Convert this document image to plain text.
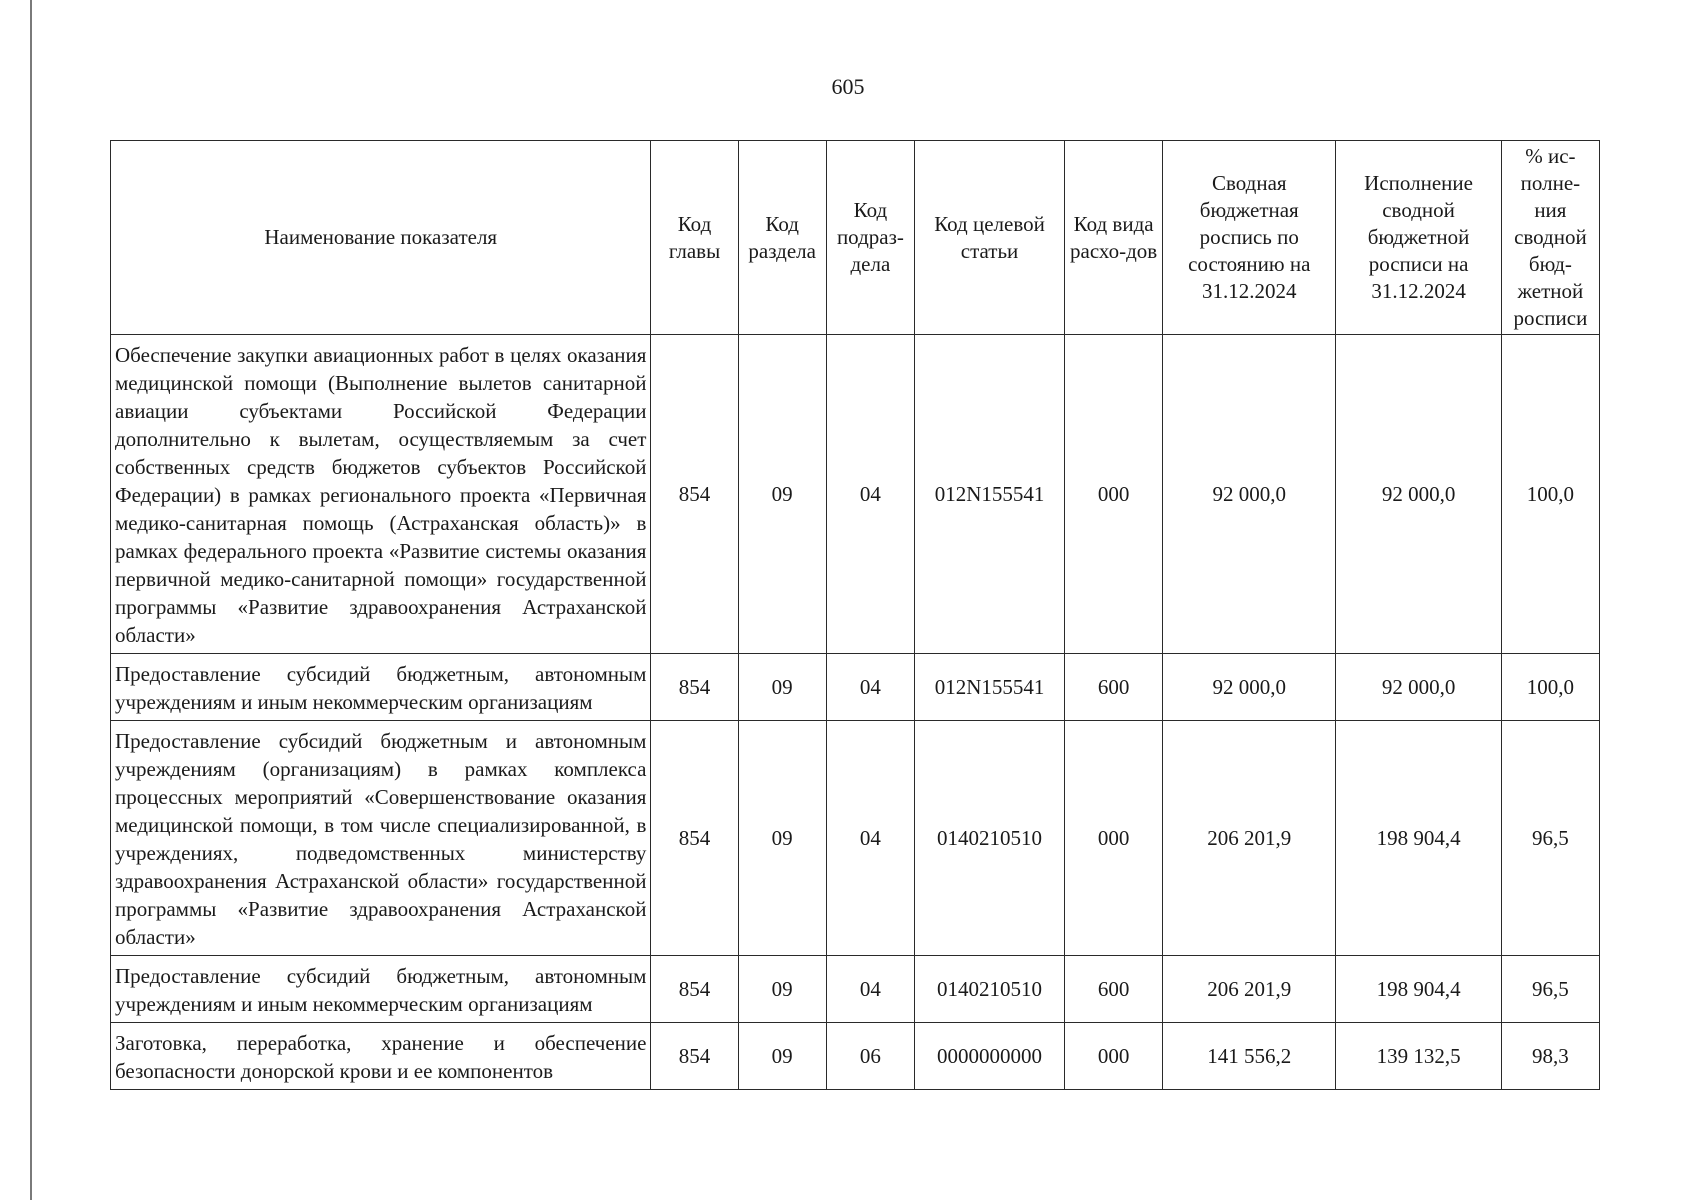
605
Наименование показателя	Код главы	Код раздела	Код подраз-дела	Код целевой статьи	Код вида расхо-дов	Сводная бюджетная роспись по состоянию на 31.12.2024	Исполнение сводной бюджетной росписи на 31.12.2024	% ис-полне-ния сводной бюд-жетной росписи
Обеспечение закупки авиационных работ в целях оказания медицинской помощи (Выполнение вылетов санитарной авиации субъектами Российской Федерации дополнительно к вылетам, осуществляемым за счет собственных средств бюджетов субъектов Российской Федерации) в рамках регионального проекта «Первичная медико-санитарная помощь (Астраханская область)» в рамках федерального проекта «Развитие системы оказания первичной медико-санитарной помощи» государственной программы «Развитие здравоохранения Астраханской области»	854	09	04	012N155541	000	92 000,0	92 000,0	100,0
Предоставление субсидий бюджетным, автономным учреждениям и иным некоммерческим организациям	854	09	04	012N155541	600	92 000,0	92 000,0	100,0
Предоставление субсидий бюджетным и автономным учреждениям (организациям) в рамках комплекса процессных мероприятий «Совершенствование оказания медицинской помощи, в том числе специализированной, в учреждениях, подведомственных министерству здравоохранения Астраханской области» государственной программы «Развитие здравоохранения Астраханской области»	854	09	04	0140210510	000	206 201,9	198 904,4	96,5
Предоставление субсидий бюджетным, автономным учреждениям и иным некоммерческим организациям	854	09	04	0140210510	600	206 201,9	198 904,4	96,5
Заготовка, переработка, хранение и обеспечение безопасности донорской крови и ее компонентов	854	09	06	0000000000	000	141 556,2	139 132,5	98,3
